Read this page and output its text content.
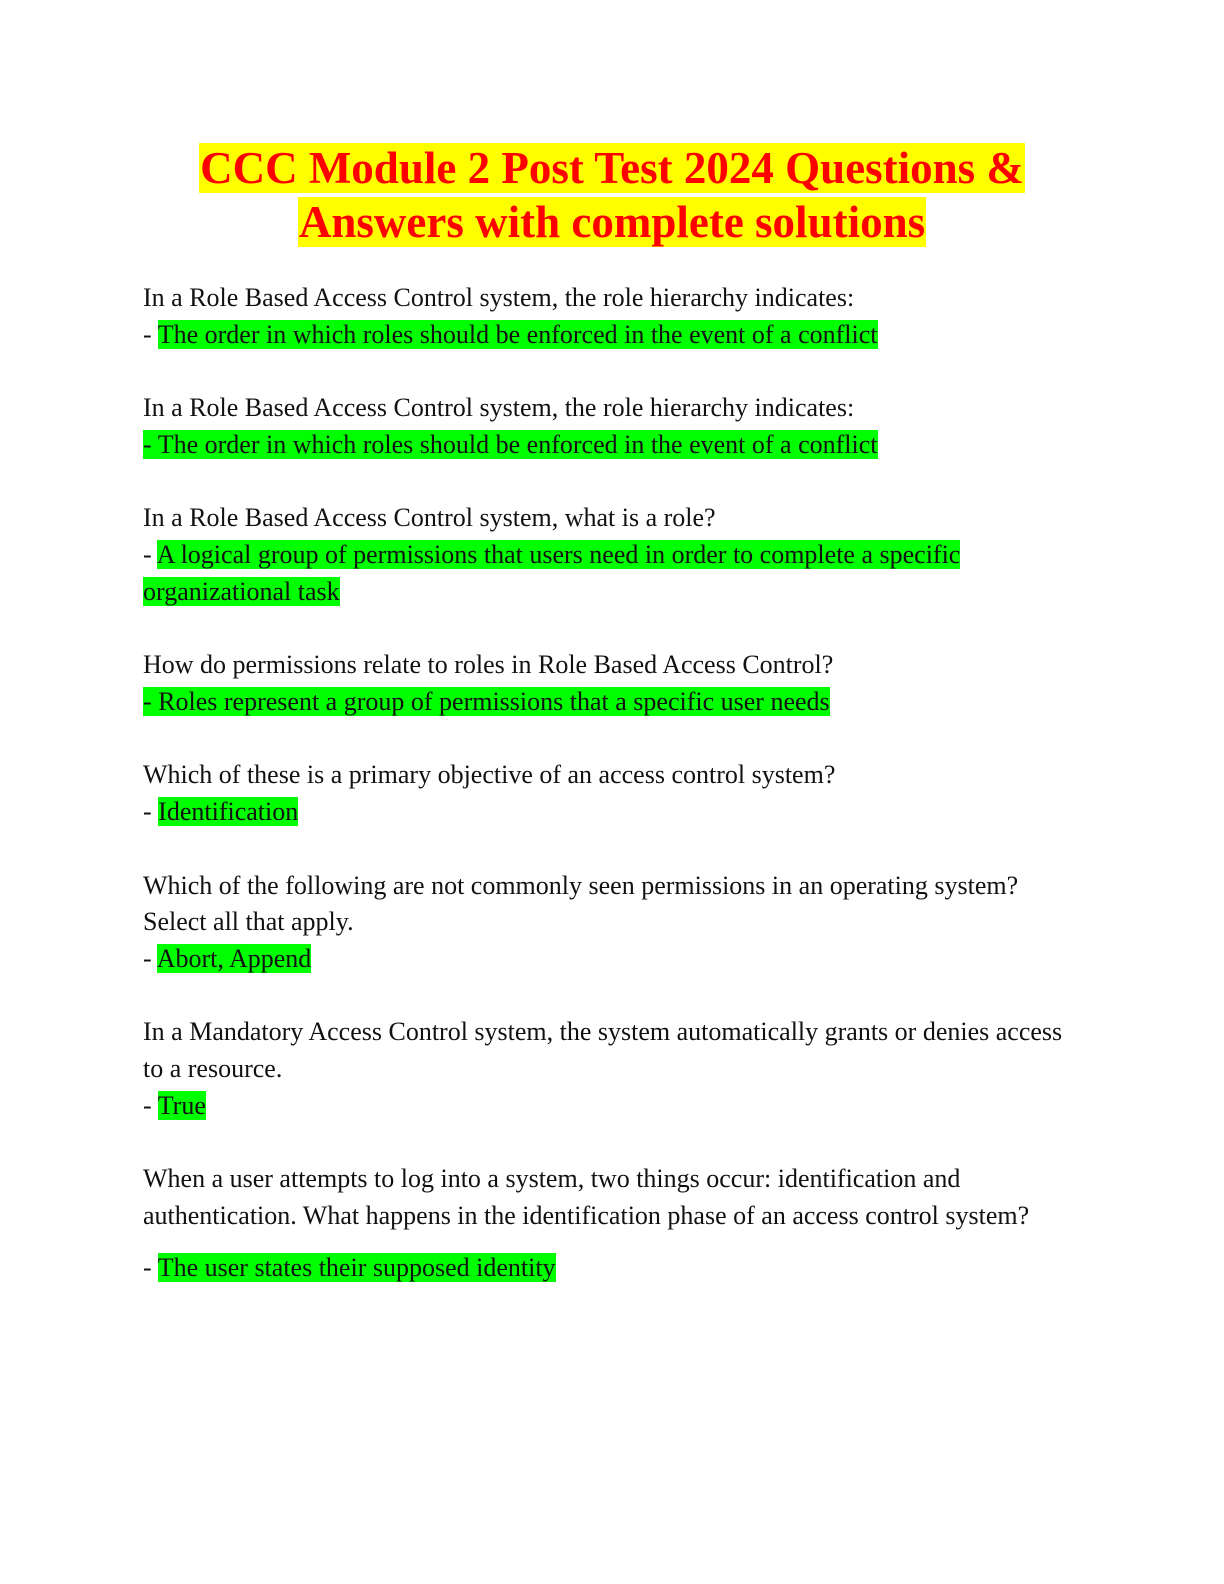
CCC Module 2 Post Test 2024 Questions &
Answers with complete solutions

In a Role Based Access Control system, the role hierarchy indicates:

- The order in which roles should be enforced in the event of a conflict

In a Role Based Access Control system, the role hierarchy indicates:

- The order in which roles should be enforced in the event of a conflict

In a Role Based Access Control system, what is a role?

- A logical group of permissions that users need in order to complete a specific organizational task

How do permissions relate to roles in Role Based Access Control?

- Roles represent a group of permissions that a specific user needs

Which of these is a primary objective of an access control system?

- Identification

Which of the following are not commonly seen permissions in an operating system? Select all that apply.

- Abort, Append

In a Mandatory Access Control system, the system automatically grants or denies access to a resource.

- True

When a user attempts to log into a system, two things occur: identification and authentication. What happens in the identification phase of an access control system?

- The user states their supposed identity
